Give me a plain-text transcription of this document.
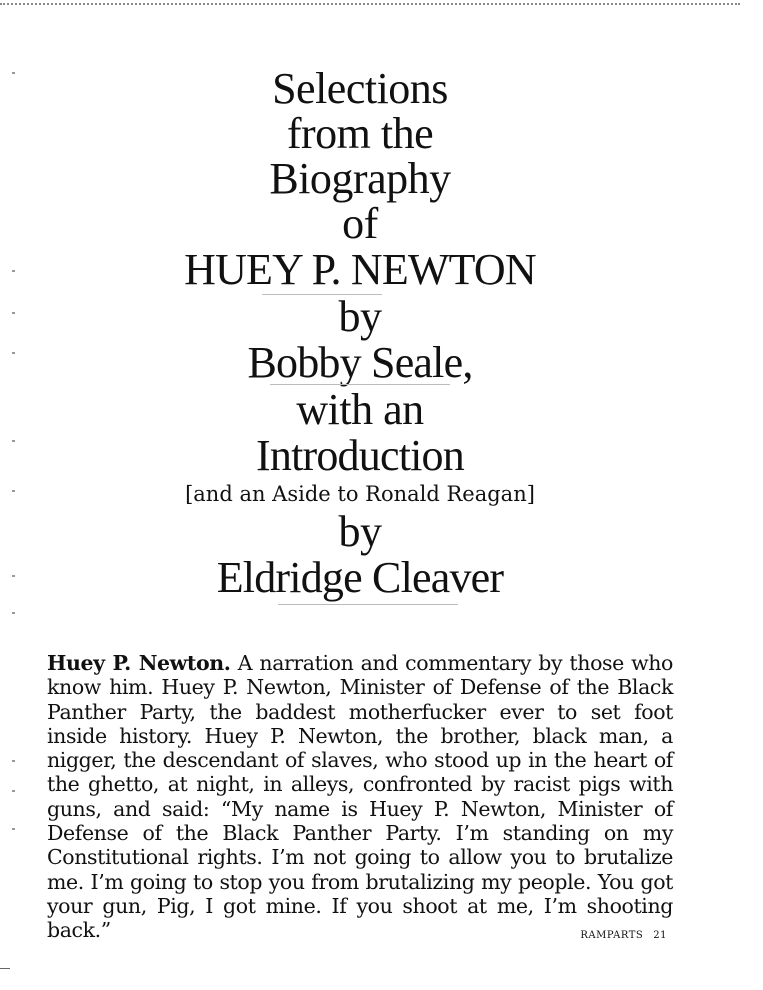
Selections
from the
Biography
of
HUEY P. NEWTON
by
Bobby Seale,
with an
Introduction
[and an Aside to Ronald Reagan]
by
Eldridge Cleaver
Huey P. Newton. A narration and commentary by those who know him. Huey P. Newton, Minister of Defense of the Black Panther Party, the baddest motherfucker ever to set foot inside history. Huey P. Newton, the brother, black man, a nigger, the descendant of slaves, who stood up in the heart of the ghetto, at night, in alleys, confronted by racist pigs with guns, and said: “My name is Huey P. Newton, Minister of Defense of the Black Panther Party. I’m standing on my Constitutional rights. I’m not going to allow you to brutalize me. I’m going to stop you from brutalizing my people. You got your gun, Pig, I got mine. If you shoot at me, I’m shooting back.”	RAMPARTS 21
